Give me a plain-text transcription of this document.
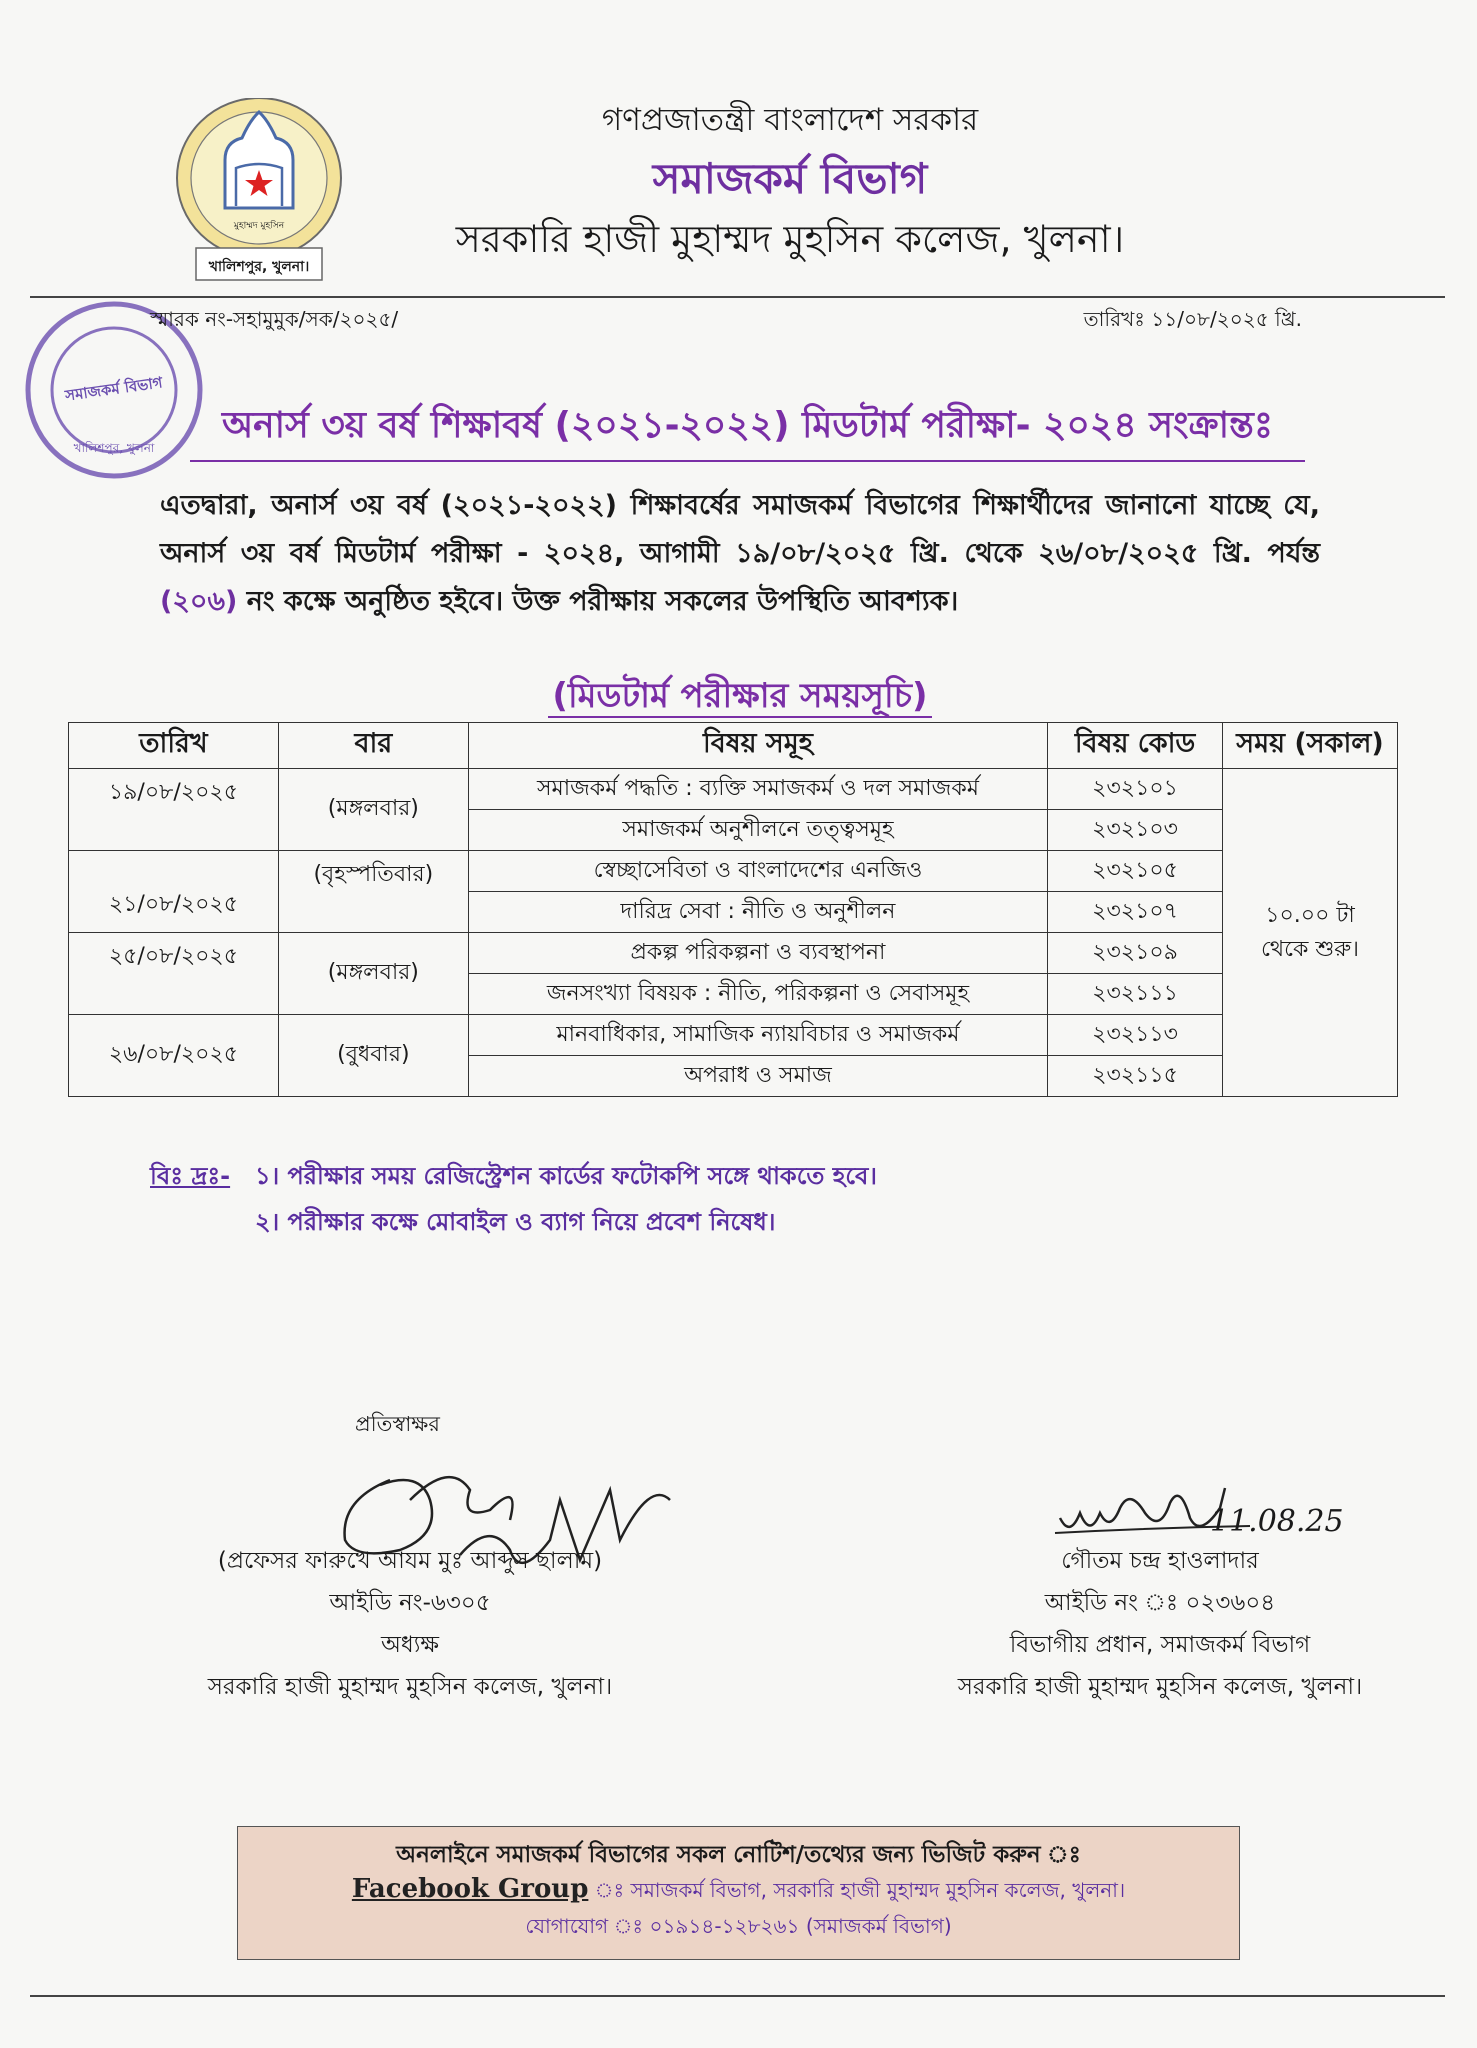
খালিশপুর, খুলনা।
মুহাম্মদ মুহসিন
গণপ্রজাতন্ত্রী বাংলাদেশ সরকার
সমাজকর্ম বিভাগ
সরকারি হাজী মুহাম্মদ মুহসিন কলেজ, খুলনা।
সমাজকর্ম বিভাগ
খালিশপুর, খুলনা
স্মারক নং-সহামুমুক/সক/২০২৫/	তারিখঃ ১১/০৮/২০২৫ খ্রি.
অনার্স ৩য় বর্ষ শিক্ষাবর্ষ (২০২১-২০২২) মিডটার্ম পরীক্ষা- ২০২৪ সংক্রান্তঃ
এতদ্বারা, অনার্স ৩য় বর্ষ (২০২১-২০২২) শিক্ষাবর্ষের সমাজকর্ম বিভাগের শিক্ষার্থীদের জানানো যাচ্ছে যে, অনার্স ৩য় বর্ষ মিডটার্ম পরীক্ষা - ২০২৪, আগামী ১৯/০৮/২০২৫ খ্রি. থেকে ২৬/০৮/২০২৫ খ্রি. পর্যন্ত (২০৬) নং কক্ষে অনুষ্ঠিত হইবে। উক্ত পরীক্ষায় সকলের উপস্থিতি আবশ্যক।
(মিডটার্ম পরীক্ষার সময়সূচি)
তারিখ	বার	বিষয় সমূহ	বিষয় কোড	সময় (সকাল)
১৯/০৮/২০২৫	(মঙ্গলবার)	সমাজকর্ম পদ্ধতি : ব্যক্তি সমাজকর্ম ও দল সমাজকর্ম	২৩২১০১	১০.০০ টা থেকে শুরু।

		সমাজকর্ম অনুশীলনে তত্ত্বসমূহ	২৩২১০৩	
২১/০৮/২০২৫	(বৃহস্পতিবার)	স্বেচ্ছাসেবিতা ও বাংলাদেশের এনজিও	২৩২১০৫	
		দারিদ্র সেবা : নীতি ও অনুশীলন	২৩২১০৭	
২৫/০৮/২০২৫	(মঙ্গলবার)	প্রকল্প পরিকল্পনা ও ব্যবস্থাপনা	২৩২১০৯	
		জনসংখ্যা বিষয়ক : নীতি, পরিকল্পনা ও সেবাসমূহ	২৩২১১১	
২৬/০৮/২০২৫	(বুধবার)	মানবাধিকার, সামাজিক ন্যায়বিচার ও সমাজকর্ম	২৩২১১৩	
		অপরাধ ও সমাজ	২৩২১১৫	
বিঃ দ্রঃ- ১। পরীক্ষার সময় রেজিস্ট্রেশন কার্ডের ফটোকপি সঙ্গে থাকতে হবে।
২। পরীক্ষার কক্ষে মোবাইল ও ব্যাগ নিয়ে প্রবেশ নিষেধ।
প্রতিস্বাক্ষর
11.08.25
(প্রফেসর ফারুখে আযম মুঃ আব্দুস ছালাম)
আইডি নং-৬৩০৫
অধ্যক্ষ
সরকারি হাজী মুহাম্মদ মুহসিন কলেজ, খুলনা।
গৌতম চন্দ্র হাওলাদার
আইডি নং ঃ ০২৩৬০৪
বিভাগীয় প্রধান, সমাজকর্ম বিভাগ
সরকারি হাজী মুহাম্মদ মুহসিন কলেজ, খুলনা।
অনলাইনে সমাজকর্ম বিভাগের সকল নোটিশ/তথ্যের জন্য ভিজিট করুন ঃ
Facebook Group ঃ সমাজকর্ম বিভাগ, সরকারি হাজী মুহাম্মদ মুহসিন কলেজ, খুলনা।
যোগাযোগ ঃ ০১৯১৪-১২৮২৬১ (সমাজকর্ম বিভাগ)
